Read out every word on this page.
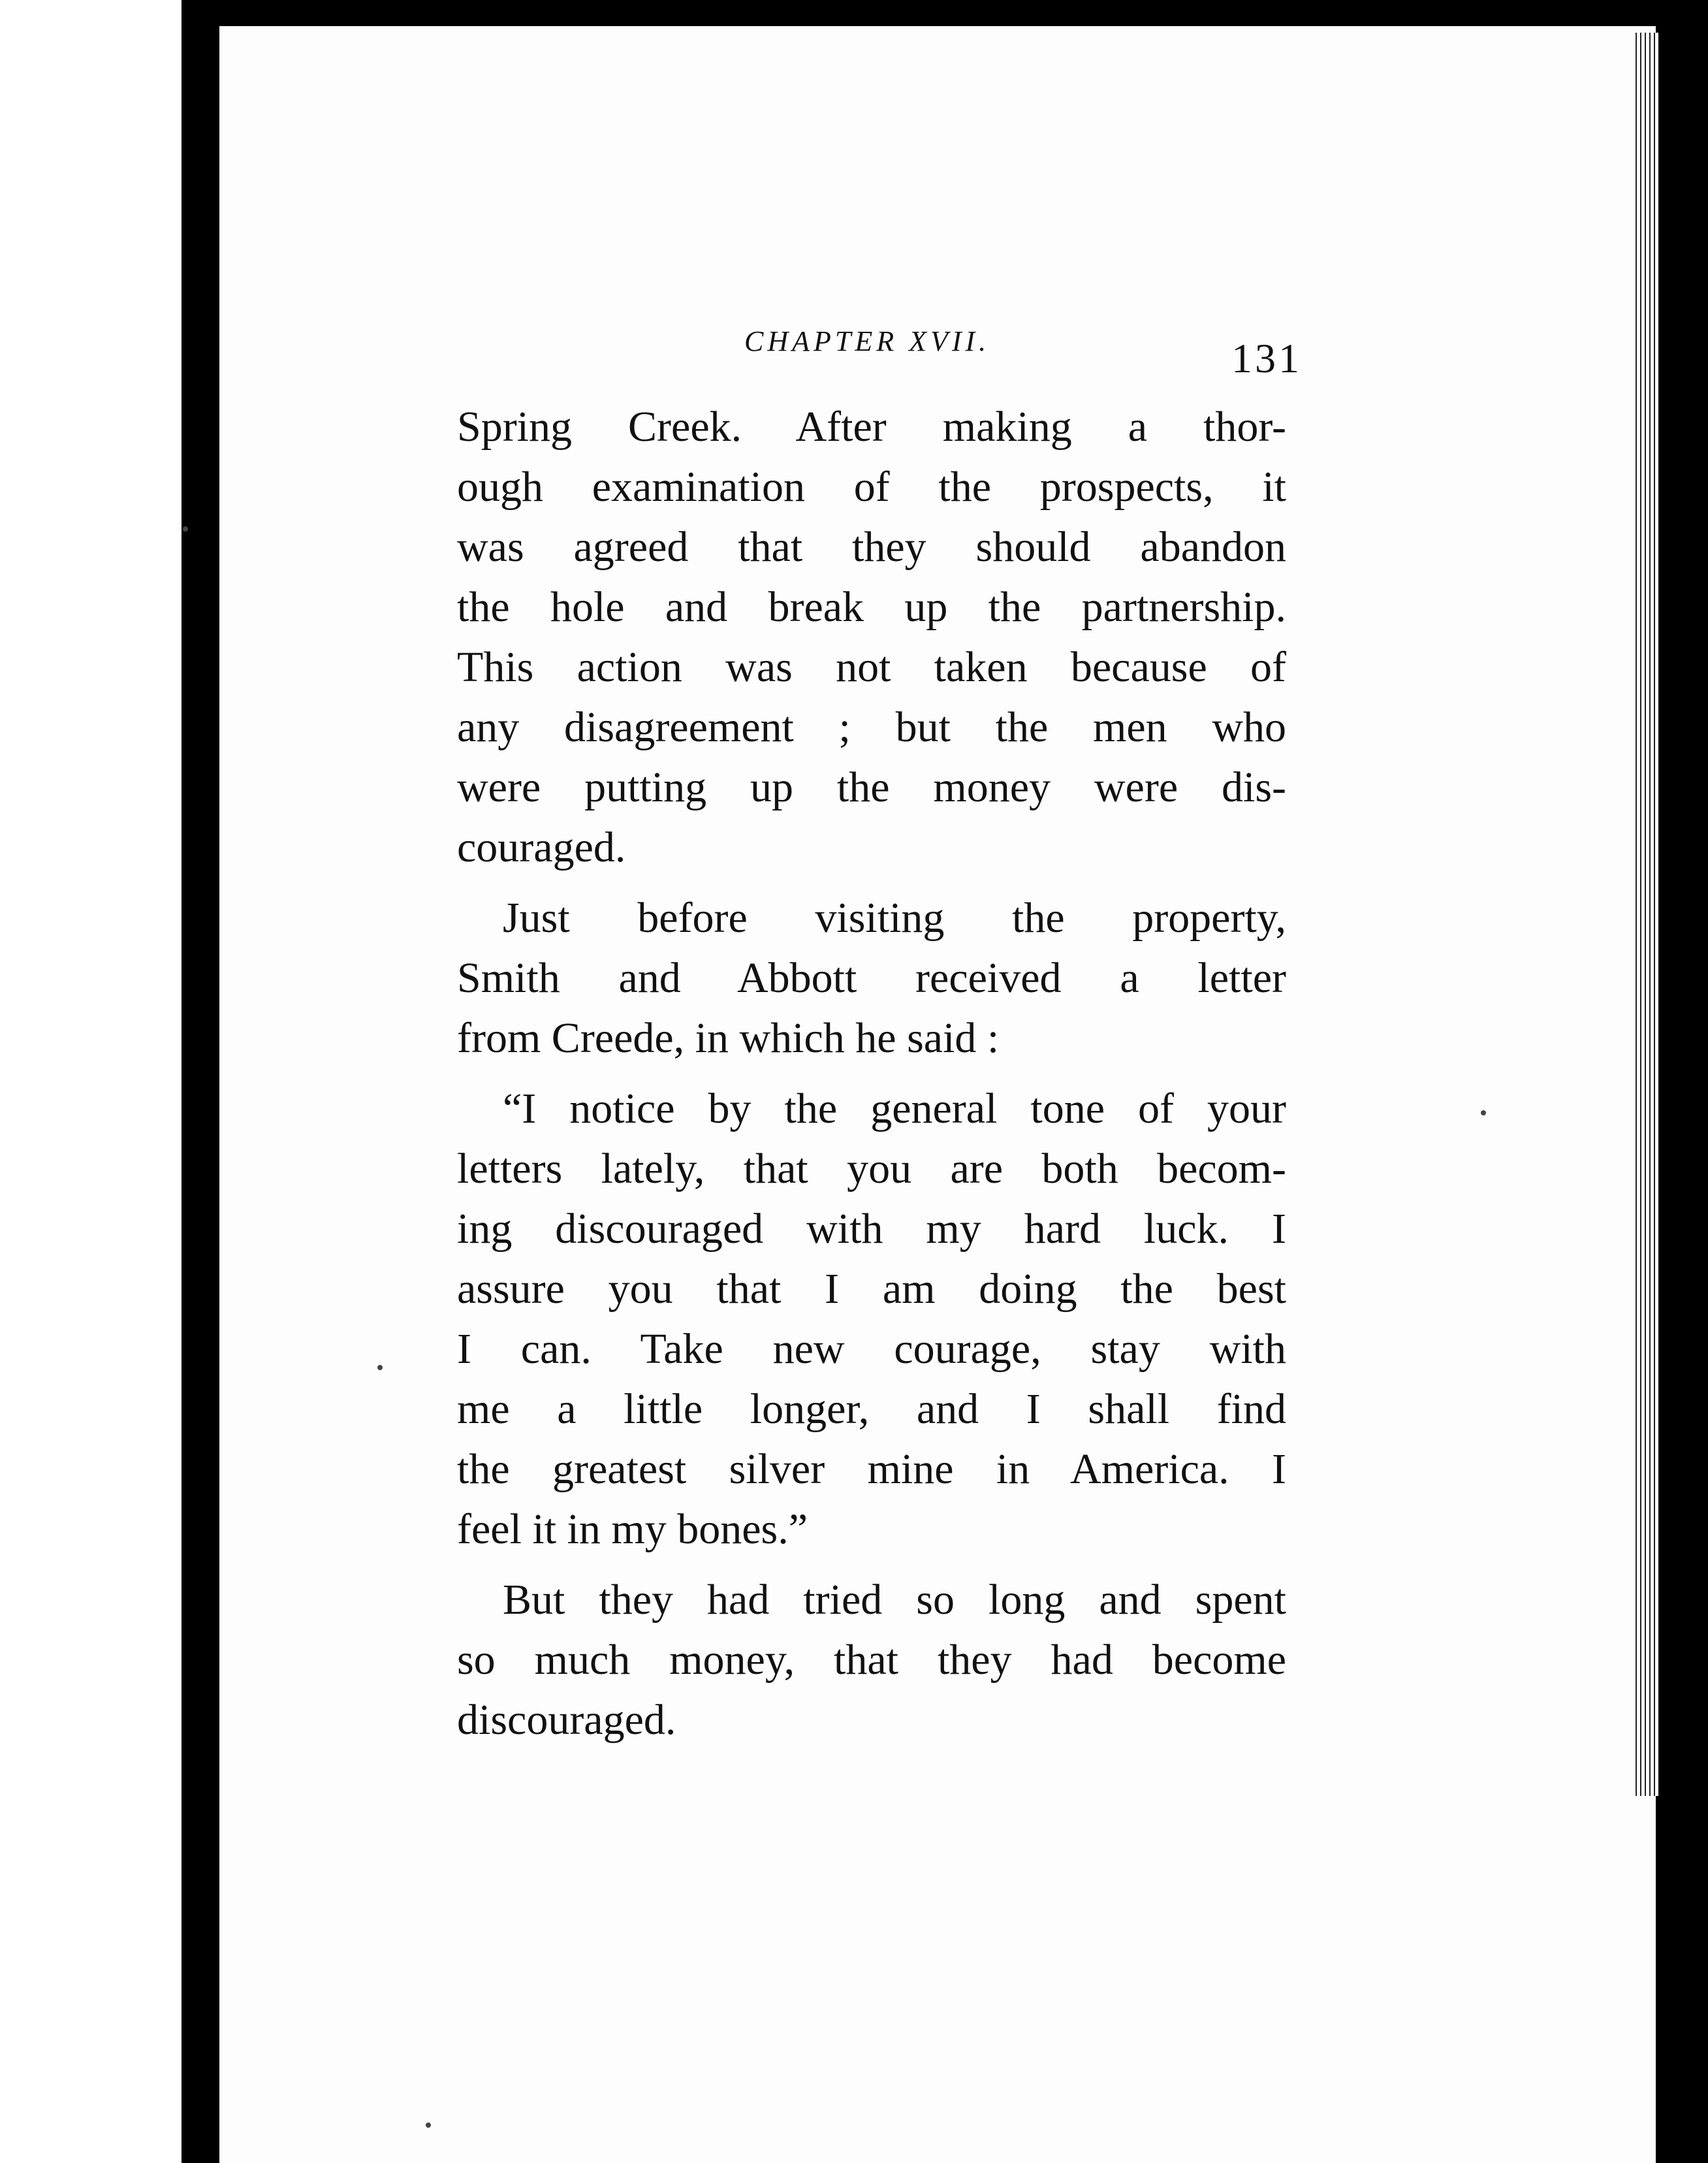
CHAPTER XVII.	131

Spring Creek. After making a thor-
ough examination of the prospects, it
was agreed that they should abandon
the hole and break up the partnership.
This action was not taken because of
any disagreement ; but the men who
were putting up the money were dis-
couraged.

Just before visiting the property,
Smith and Abbott received a letter
from Creede, in which he said :

“I notice by the general tone of your
letters lately, that you are both becom-
ing discouraged with my hard luck. I
assure you that I am doing the best
I can. Take new courage, stay with
me a little longer, and I shall find
the greatest silver mine in America. I
feel it in my bones.”

But they had tried so long and spent
so much money, that they had become
discouraged.
